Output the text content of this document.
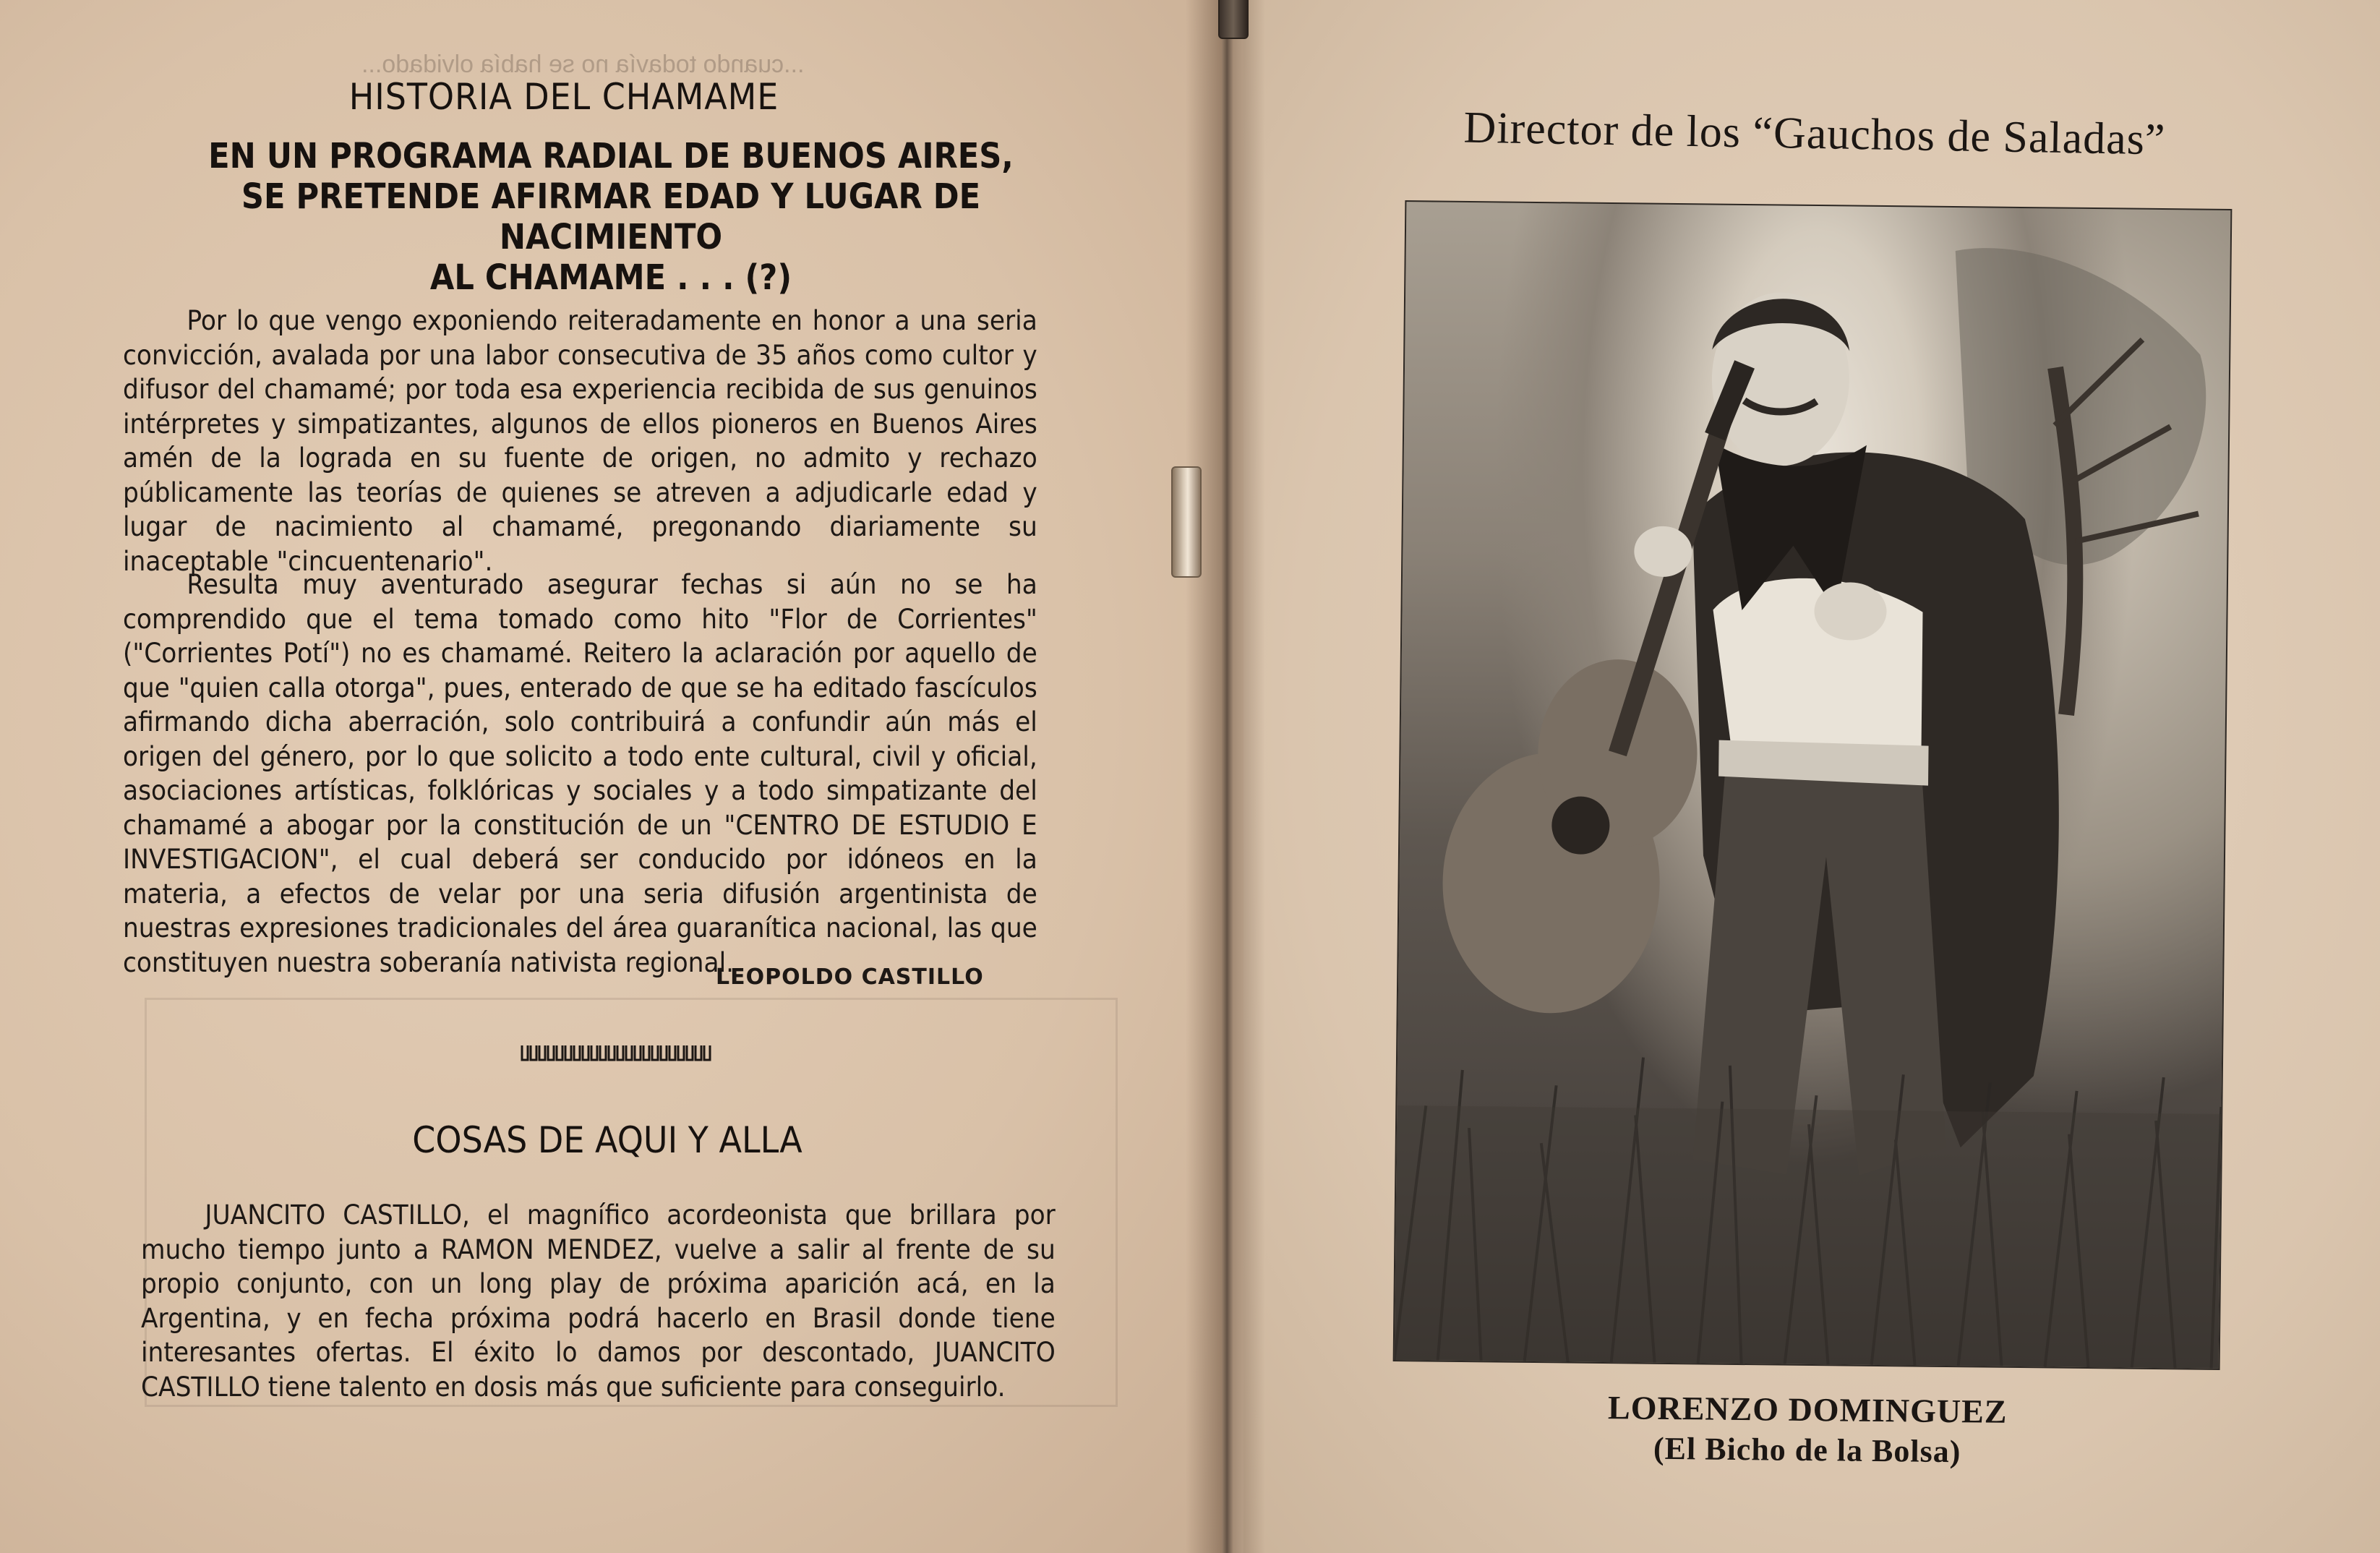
...cuando todavía no se había olvidado...
HISTORIA DEL CHAMAME
EN UN PROGRAMA RADIAL DE BUENOS AIRES,
SE PRETENDE AFIRMAR EDAD Y LUGAR DE NACIMIENTO
AL CHAMAME . . . (?)

Por lo que vengo exponiendo reiteradamente en honor a una seria convicción, avalada por una labor consecutiva de 35 años como cultor y difusor del chamamé; por toda esa experiencia recibida de sus genuinos intérpretes y simpatizantes, algunos de ellos pioneros en Buenos Aires amén de la lograda en su fuente de origen, no admito y rechazo públicamente las teorías de quienes se atreven a adjudicarle edad y lugar de nacimiento al chamamé, pregonando diariamente su inaceptable "cincuentenario".

Resulta muy aventurado asegurar fechas si aún no se ha comprendido que el tema tomado como hito "Flor de Corrientes" ("Corrientes Potí") no es chamamé. Reitero la aclaración por aquello de que "quien calla otorga", pues, enterado de que se ha editado fascículos afirmando dicha aberración, solo contribuirá a confundir aún más el origen del género, por lo que solicito a todo ente cultural, civil y oficial, asociaciones artísticas, folklóricas y sociales y a todo simpatizante del chamamé a abogar por la constitución de un "CENTRO DE ESTUDIO E INVESTIGACION", el cual deberá ser conducido por idóneos en la materia, a efectos de velar por una seria difusión argentinista de nuestras expresiones tradicionales del área guaranítica nacional, las que constituyen nuestra soberanía nativista regional.

LEOPOLDO CASTILLO
COSAS DE AQUI Y ALLA

JUANCITO CASTILLO, el magnífico acordeonista que brillara por mucho tiempo junto a RAMON MENDEZ, vuelve a salir al frente de su propio conjunto, con un long play de próxima aparición acá, en la Argentina, y en fecha próxima podrá hacerlo en Brasil donde tiene interesantes ofertas. El éxito lo damos por descontado, JUANCITO CASTILLO tiene talento en dosis más que suficiente para conseguirlo.

Director de los “Gauchos de Saladas”
LORENZO DOMINGUEZ
(El Bicho de la Bolsa)
